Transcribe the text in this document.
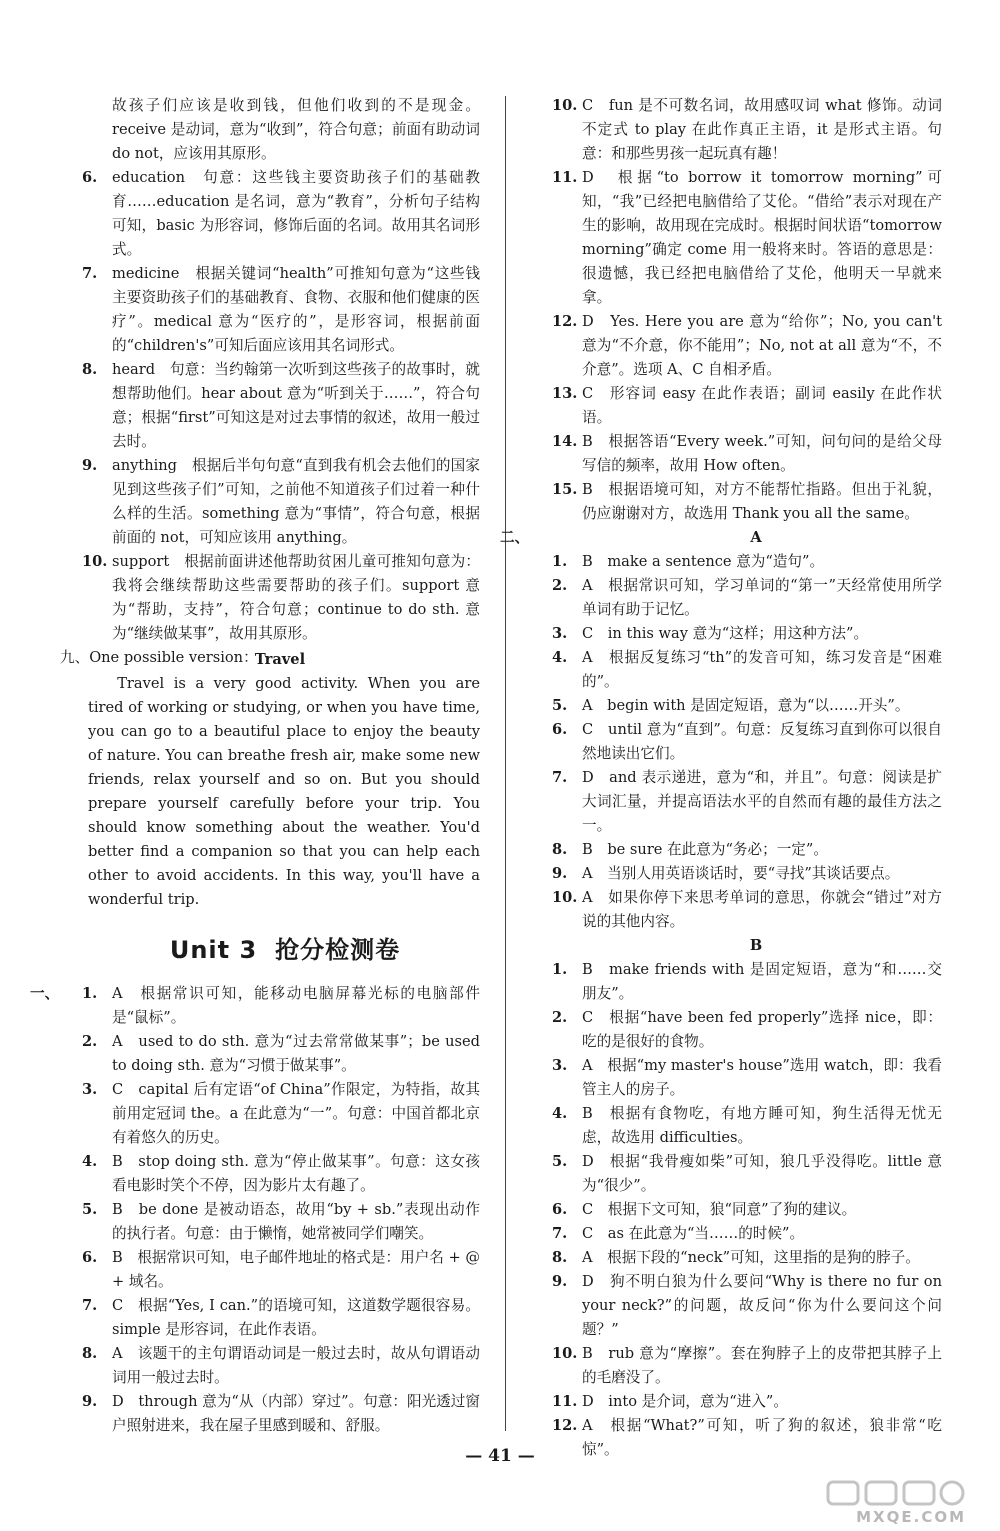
故孩子们应该是收到钱，但他们收到的不是现金。receive 是动词，意为“收到”，符合句意；前面有助动词 do not，应该用其原形。

6. education　句意：这些钱主要资助孩子们的基础教育……education 是名词，意为“教育”，分析句子结构可知，basic 为形容词，修饰后面的名词。故用其名词形式。

7. medicine　根据关键词“health”可推知句意为“这些钱主要资助孩子们的基础教育、食物、衣服和他们健康的医疗”。medical 意为“医疗的”，是形容词，根据前面的“children's”可知后面应该用其名词形式。

8. heard　句意：当约翰第一次听到这些孩子的故事时，就想帮助他们。hear about 意为“听到关于……”，符合句意；根据“first”可知这是对过去事情的叙述，故用一般过去时。

9. anything　根据后半句句意“直到我有机会去他们的国家见到这些孩子们”可知，之前他不知道孩子们过着一种什么样的生活。something 意为“事情”，符合句意，根据前面的 not，可知应该用 anything。

10. support　根据前面讲述他帮助贫困儿童可推知句意为：我将会继续帮助这些需要帮助的孩子们。support 意为“帮助，支持”，符合句意；continue to do sth. 意为“继续做某事”，故用其原形。

九、One possible version：

Travel

Travel is a very good activity. When you are tired of working or studying, or when you have time, you can go to a beautiful place to enjoy the beauty of nature. You can breathe fresh air, make some new friends, relax yourself and so on. But you should prepare yourself carefully before your trip. You should know something about the weather. You'd better find a companion so that you can help each other to avoid accidents. In this way, you'll have a wonderful trip.

Unit 3 抢分检测卷
一、 1. A　根据常识可知，能移动电脑屏幕光标的电脑部件是“鼠标”。

2. A　used to do sth. 意为“过去常常做某事”；be used to doing sth. 意为“习惯于做某事”。

3. C　capital 后有定语“of China”作限定，为特指，故其前用定冠词 the。a 在此意为“一”。句意：中国首都北京有着悠久的历史。

4. B　stop doing sth. 意为“停止做某事”。句意：这女孩看电影时笑个不停，因为影片太有趣了。

5. B　be done 是被动语态，故用“by + sb.”表现出动作的执行者。句意：由于懒惰，她常被同学们嘲笑。

6. B　根据常识可知，电子邮件地址的格式是：用户名 + @ + 域名。

7. C　根据“Yes, I can.”的语境可知，这道数学题很容易。simple 是形容词，在此作表语。

8. A　该题干的主句谓语动词是一般过去时，故从句谓语动词用一般过去时。

9. D　through 意为“从（内部）穿过”。句意：阳光透过窗户照射进来，我在屋子里感到暖和、舒服。

10. C　fun 是不可数名词，故用感叹词 what 修饰。动词不定式 to play 在此作真正主语，it 是形式主语。句意：和那些男孩一起玩真有趣！

11. D　根据“to borrow it tomorrow morning”可知，“我”已经把电脑借给了艾伦。“借给”表示对现在产生的影响，故用现在完成时。根据时间状语“tomorrow morning”确定 come 用一般将来时。答语的意思是：很遗憾，我已经把电脑借给了艾伦，他明天一早就来拿。

12. D　Yes. Here you are 意为“给你”；No, you can't 意为“不介意，你不能用”；No, not at all 意为“不，不介意”。选项 A、C 自相矛盾。

13. C　形容词 easy 在此作表语；副词 easily 在此作状语。

14. B　根据答语“Every week.”可知，问句问的是给父母写信的频率，故用 How often。

15. B　根据语境可知，对方不能帮忙指路。但出于礼貌，仍应谢谢对方，故选用 Thank you all the same。

二、	A

1. B　make a sentence 意为“造句”。

2. A　根据常识可知，学习单词的“第一”天经常使用所学单词有助于记忆。

3. C　in this way 意为“这样；用这种方法”。

4. A　根据反复练习“th”的发音可知，练习发音是“困难的”。

5. A　begin with 是固定短语，意为“以……开头”。

6. C　until 意为“直到”。句意：反复练习直到你可以很自然地读出它们。

7. D　and 表示递进，意为“和，并且”。句意：阅读是扩大词汇量，并提高语法水平的自然而有趣的最佳方法之一。

8. B　be sure 在此意为“务必；一定”。

9. A　当别人用英语谈话时，要“寻找”其谈话要点。

10. A　如果你停下来思考单词的意思，你就会“错过”对方说的其他内容。

B

1. B　make friends with 是固定短语，意为“和……交朋友”。

2. C　根据“have been fed properly”选择 nice，即：吃的是很好的食物。

3. A　根据“my master's house”选用 watch，即：我看管主人的房子。

4. B　根据有食物吃，有地方睡可知，狗生活得无忧无虑，故选用 difficulties。

5. D　根据“我骨瘦如柴”可知，狼几乎没得吃。little 意为“很少”。

6. C　根据下文可知，狼“同意”了狗的建议。

7. C　as 在此意为“当……的时候”。

8. A　根据下段的“neck”可知，这里指的是狗的脖子。

9. D　狗不明白狼为什么要问“Why is there no fur on your neck?”的问题，故反问“你为什么要问这个问题？”

10. B　rub 意为“摩擦”。套在狗脖子上的皮带把其脖子上的毛磨没了。

11. D　into 是介词，意为“进入”。

12. A　根据“What?”可知，听了狗的叙述，狼非常“吃惊”。

— 41 —
MXQE.COM
